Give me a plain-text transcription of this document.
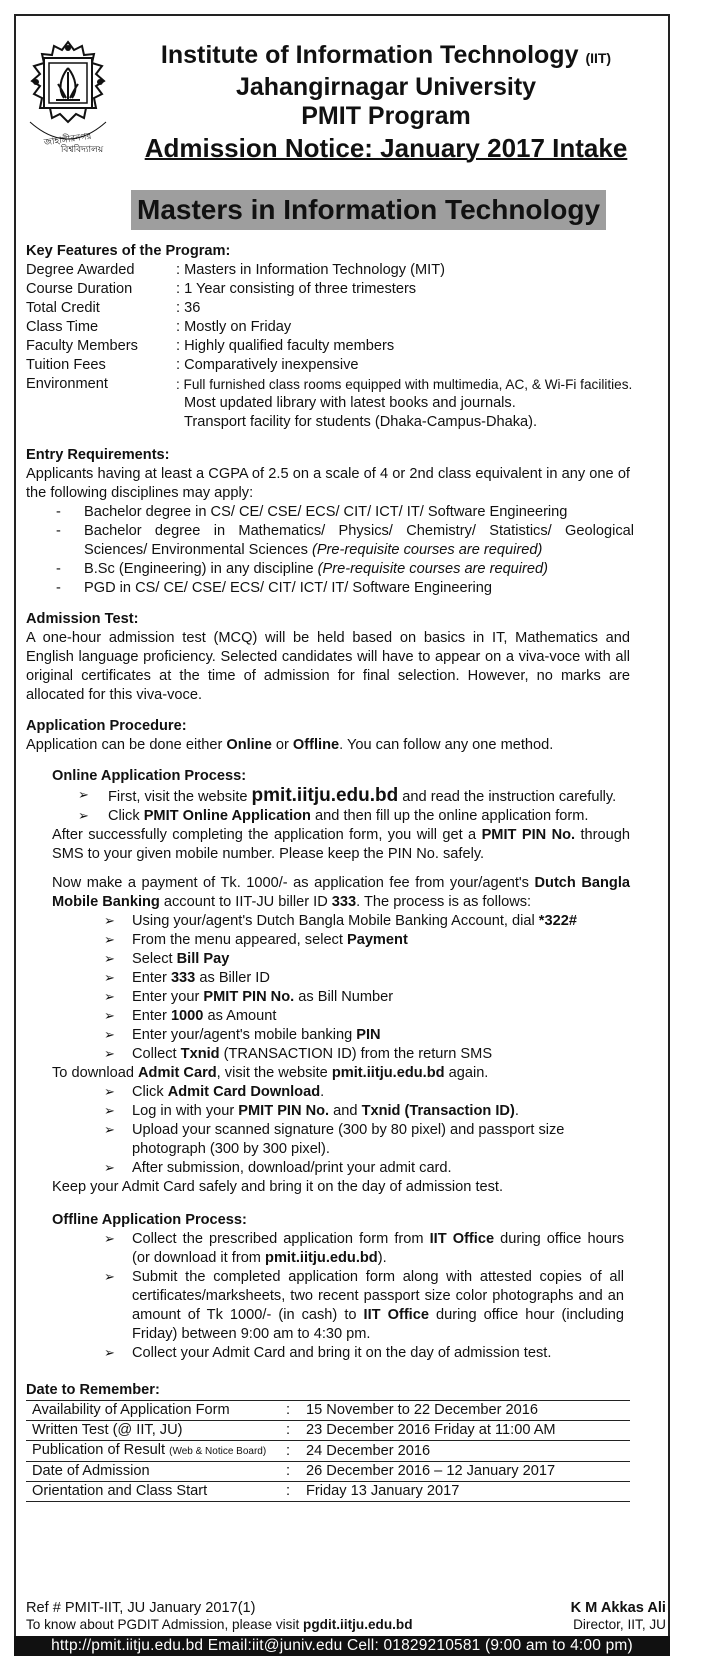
জাহাঙ্গীরনগর
বিশ্ববিদ্যালয়
Institute of Information Technology (IIT)
Jahangirnagar University
PMIT Program
Admission Notice: January 2017 Intake
Masters in Information Technology
Key Features of the Program:
Degree Awarded	: Masters in Information Technology (MIT)
Course Duration	: 1 Year consisting of three trimesters
Total Credit	: 36
Class Time	: Mostly on Friday
Faculty Members	: Highly qualified faculty members
Tuition Fees	: Comparatively inexpensive
Environment	: Full furnished class rooms equipped with multimedia, AC, & Wi-Fi facilities.
Most updated library with latest books and journals.
Transport facility for students (Dhaka-Campus-Dhaka).
Entry Requirements:
Applicants having at least a CGPA of 2.5 on a scale of 4 or 2nd class equivalent in any one of the following disciplines may apply:
- Bachelor degree in CS/ CE/ CSE/ ECS/ CIT/ ICT/ IT/ Software Engineering
- Bachelor degree in Mathematics/ Physics/ Chemistry/ Statistics/ Geological Sciences/ Environmental Sciences (Pre-requisite courses are required)
- B.Sc (Engineering) in any discipline (Pre-requisite courses are required)
- PGD in CS/ CE/ CSE/ ECS/ CIT/ ICT/ IT/ Software Engineering
Admission Test:
A one-hour admission test (MCQ) will be held based on basics in IT, Mathematics and English language proficiency. Selected candidates will have to appear on a viva-voce with all original certificates at the time of admission for final selection. However, no marks are allocated for this viva-voce.
Application Procedure:
Application can be done either Online or Offline. You can follow any one method.
Online Application Process:
➢ First, visit the website pmit.iitju.edu.bd and read the instruction carefully.
➢ Click PMIT Online Application and then fill up the online application form.
After successfully completing the application form, you will get a PMIT PIN No. through SMS to your given mobile number. Please keep the PIN No. safely.
Now make a payment of Tk. 1000/- as application fee from your/agent's Dutch Bangla Mobile Banking account to IIT-JU biller ID 333. The process is as follows:
➢ Using your/agent's Dutch Bangla Mobile Banking Account, dial *322#
➢ From the menu appeared, select Payment
➢ Select Bill Pay
➢ Enter 333 as Biller ID
➢ Enter your PMIT PIN No. as Bill Number
➢ Enter 1000 as Amount
➢ Enter your/agent's mobile banking PIN
➢ Collect Txnid (TRANSACTION ID) from the return SMS
To download Admit Card, visit the website pmit.iitju.edu.bd again.
➢ Click Admit Card Download.
➢ Log in with your PMIT PIN No. and Txnid (Transaction ID).
➢ Upload your scanned signature (300 by 80 pixel) and passport size photograph (300 by 300 pixel).
➢ After submission, download/print your admit card.
Keep your Admit Card safely and bring it on the day of admission test.
Offline Application Process:
➢ Collect the prescribed application form from IIT Office during office hours (or download it from pmit.iitju.edu.bd).
➢ Submit the completed application form along with attested copies of all certificates/marksheets, two recent passport size color photographs and an amount of Tk 1000/- (in cash) to IIT Office during office hour (including Friday) between 9:00 am to 4:30 pm.
➢ Collect your Admit Card and bring it on the day of admission test.
Date to Remember:
Availability of Application Form	:	15 November to 22 December 2016
Written Test (@ IIT, JU)	:	23 December 2016 Friday at 11:00 AM
Publication of Result (Web & Notice Board)	:	24 December 2016
Date of Admission	:	26 December 2016 – 12 January 2017
Orientation and Class Start	:	Friday 13 January 2017
Ref # PMIT-IIT, JU January 2017(1)	K M Akkas Ali
To know about PGDIT Admission, please visit pgdit.iitju.edu.bd	Director, IIT, JU
http://pmit.iitju.edu.bd Email:iit@juniv.edu Cell: 01829210581 (9:00 am to 4:00 pm)
